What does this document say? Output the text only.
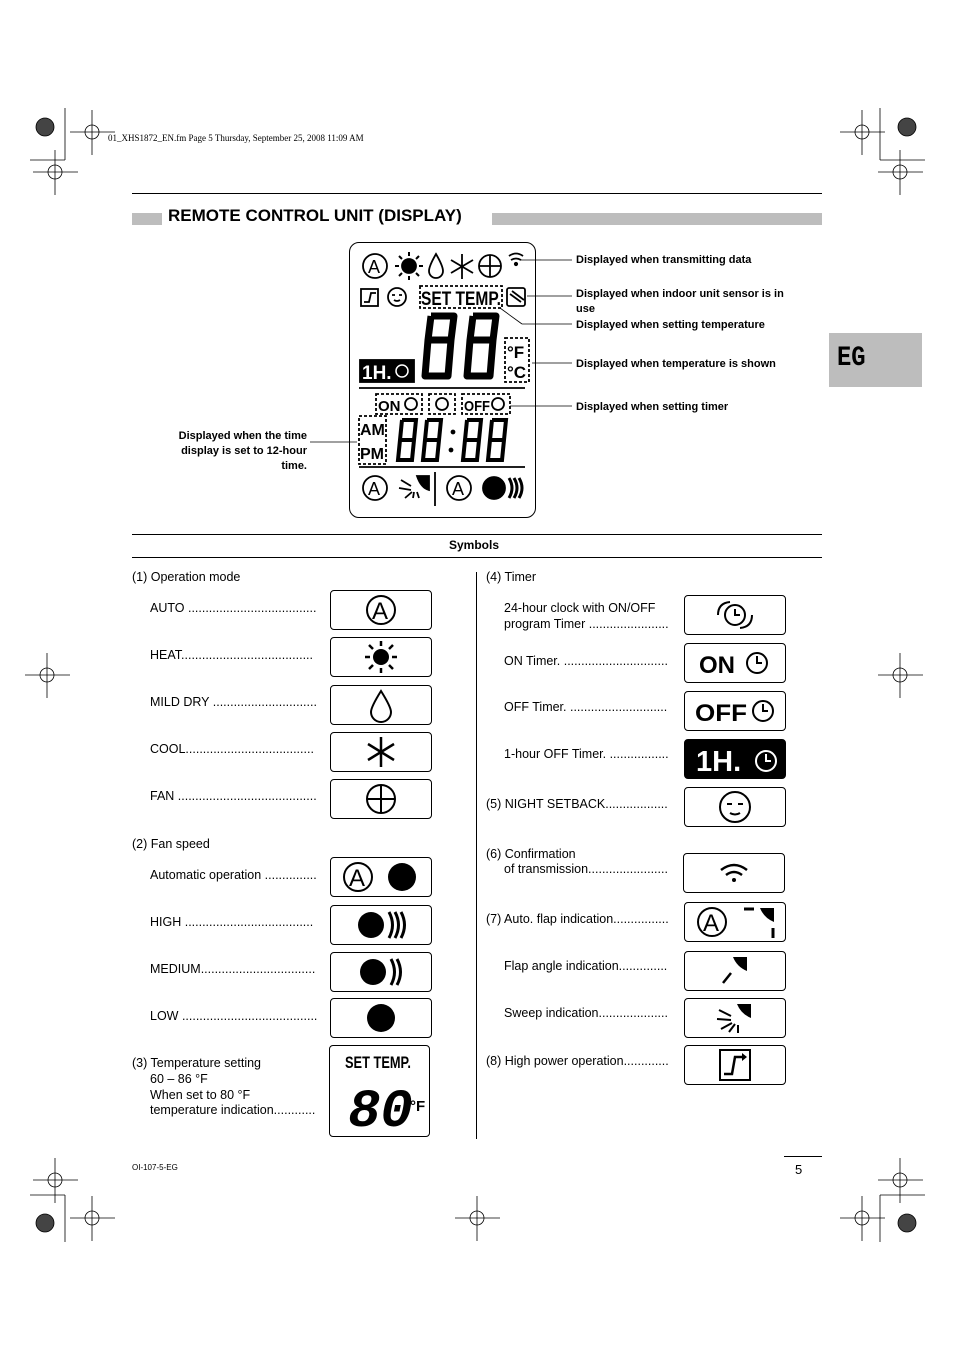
01_XHS1872_EN.fm Page 5 Thursday, September 25, 2008 11:09 AM
REMOTE CONTROL UNIT (DISPLAY)
EG
A
A	A
SET TEMP.
°F
°C
1H.
ON	OFF
AM
PM
Displayed when transmitting data
Displayed when indoor unit sensor is in use
Displayed when setting temperature
Displayed when temperature is shown
Displayed when setting timer
Displayed when the time display is set to 12-hour time.
Symbols
(1) Operation mode
AUTO ..................................... A
HEAT......................................
MILD DRY ..............................
COOL.....................................
FAN ........................................
(2) Fan speed
Automatic operation ............... A
HIGH .....................................
MEDIUM.................................
LOW .......................................
(3) Temperature setting
60 – 86 °F
When set to 80 °F
temperature indication............
SET TEMP.
80
°F
(4) Timer
24-hour clock with ON/OFF
program Timer .......................
ON Timer. ..............................	ON
OFF Timer. ............................	OFF
1-hour OFF Timer. ................. 1H.
(5) NIGHT SETBACK..................
(6) Confirmation
of transmission.......................
(7) Auto. flap indication................	A
Flap angle indication..............
Sweep indication....................
(8) High power operation.............
OI-107-5-EG	5
